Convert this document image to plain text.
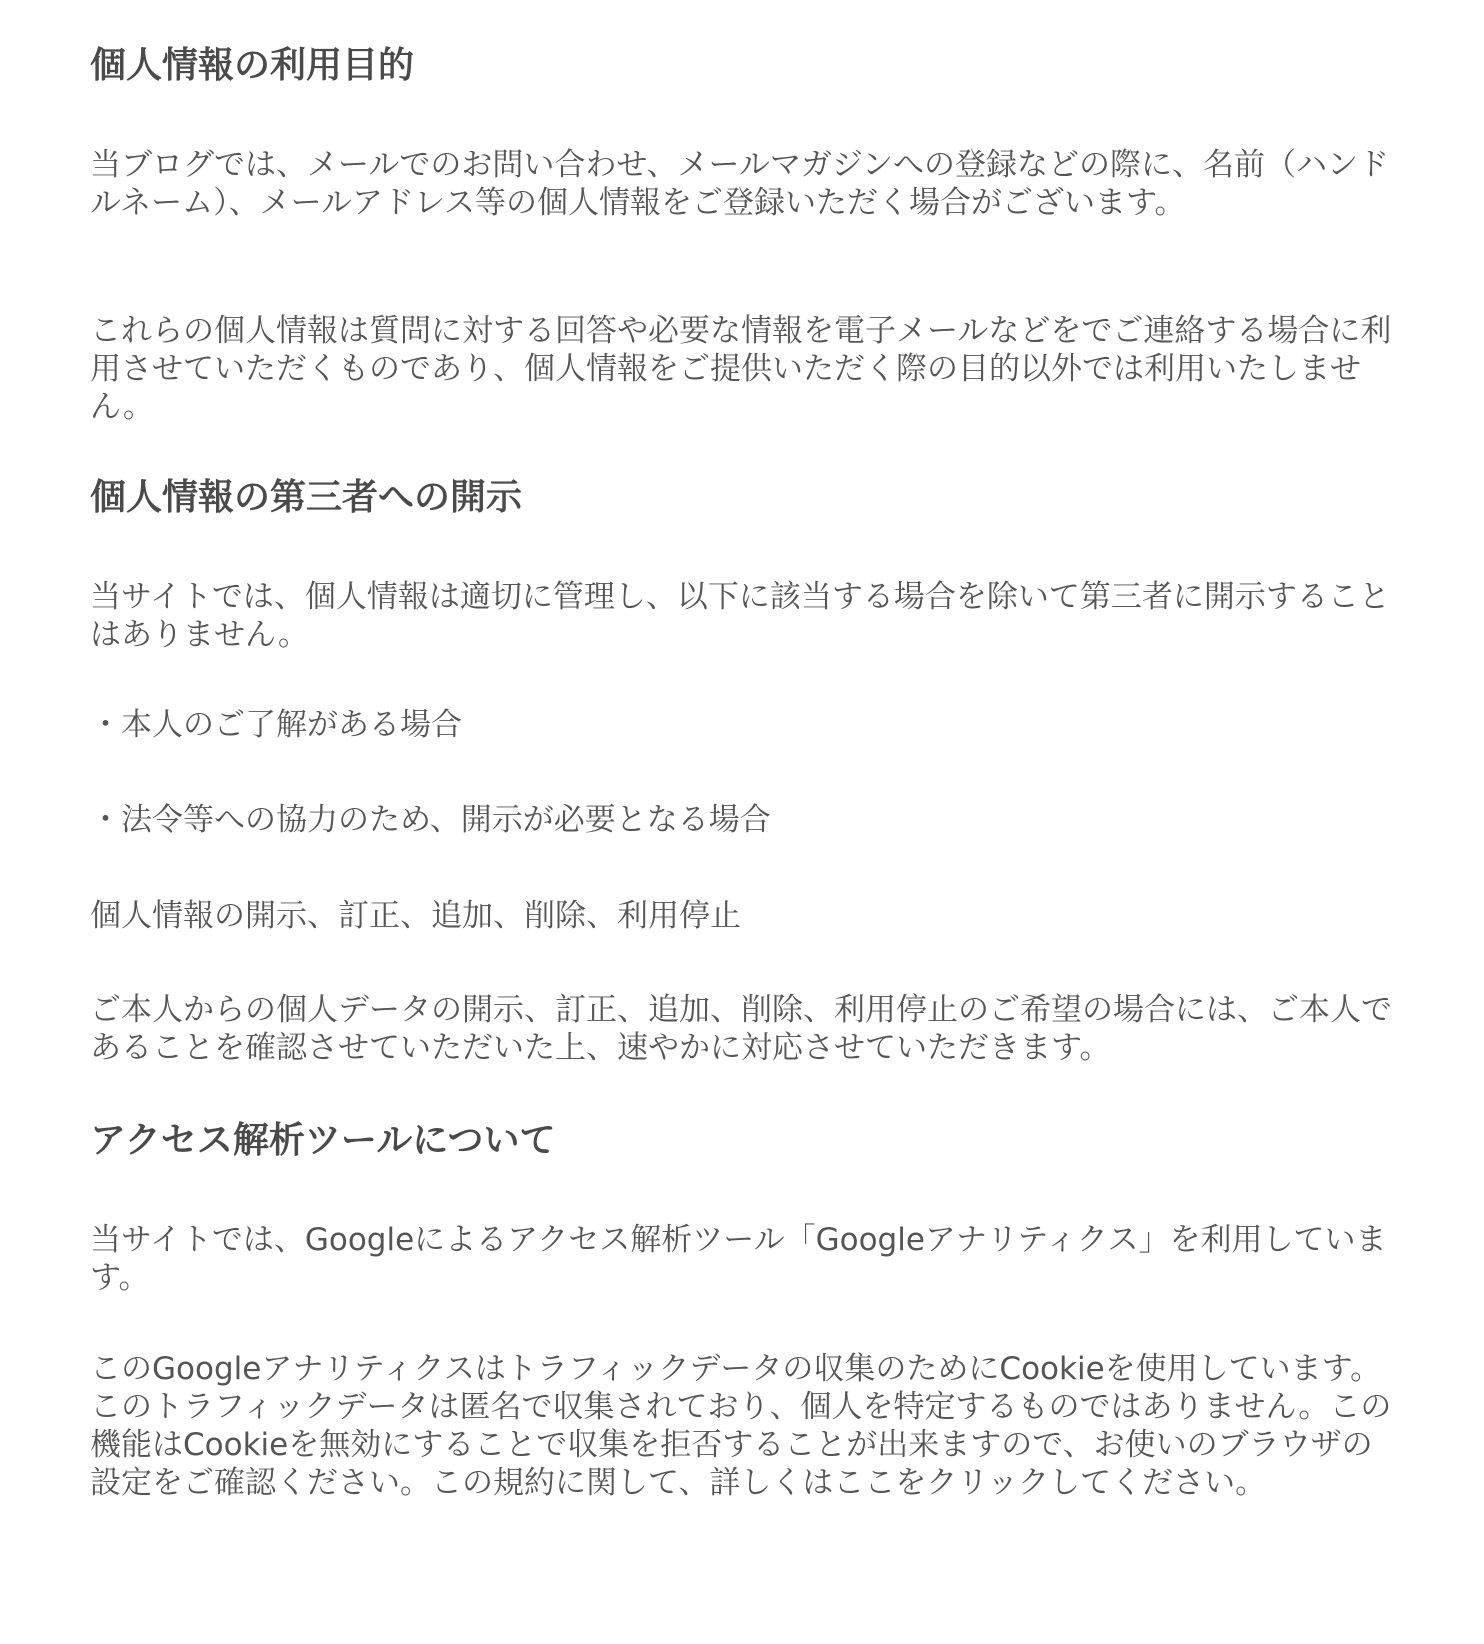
個人情報の利用目的

当ブログでは、メールでのお問い合わせ、メールマガジンへの登録などの際に、名前（ハンドルネーム）、メールアドレス等の個人情報をご登録いただく場合がございます。

これらの個人情報は質問に対する回答や必要な情報を電子メールなどをでご連絡する場合に利用させていただくものであり、個人情報をご提供いただく際の目的以外では利用いたしません。

個人情報の第三者への開示

当サイトでは、個人情報は適切に管理し、以下に該当する場合を除いて第三者に開示することはありません。

・本人のご了解がある場合

・法令等への協力のため、開示が必要となる場合

個人情報の開示、訂正、追加、削除、利用停止

ご本人からの個人データの開示、訂正、追加、削除、利用停止のご希望の場合には、ご本人であることを確認させていただいた上、速やかに対応させていただきます。

アクセス解析ツールについて

当サイトでは、Googleによるアクセス解析ツール「Googleアナリティクス」を利用しています。

このGoogleアナリティクスはトラフィックデータの収集のためにCookieを使用しています。このトラフィックデータは匿名で収集されており、個人を特定するものではありません。この機能はCookieを無効にすることで収集を拒否することが出来ますので、お使いのブラウザの設定をご確認ください。この規約に関して、詳しくはここをクリックしてください。
